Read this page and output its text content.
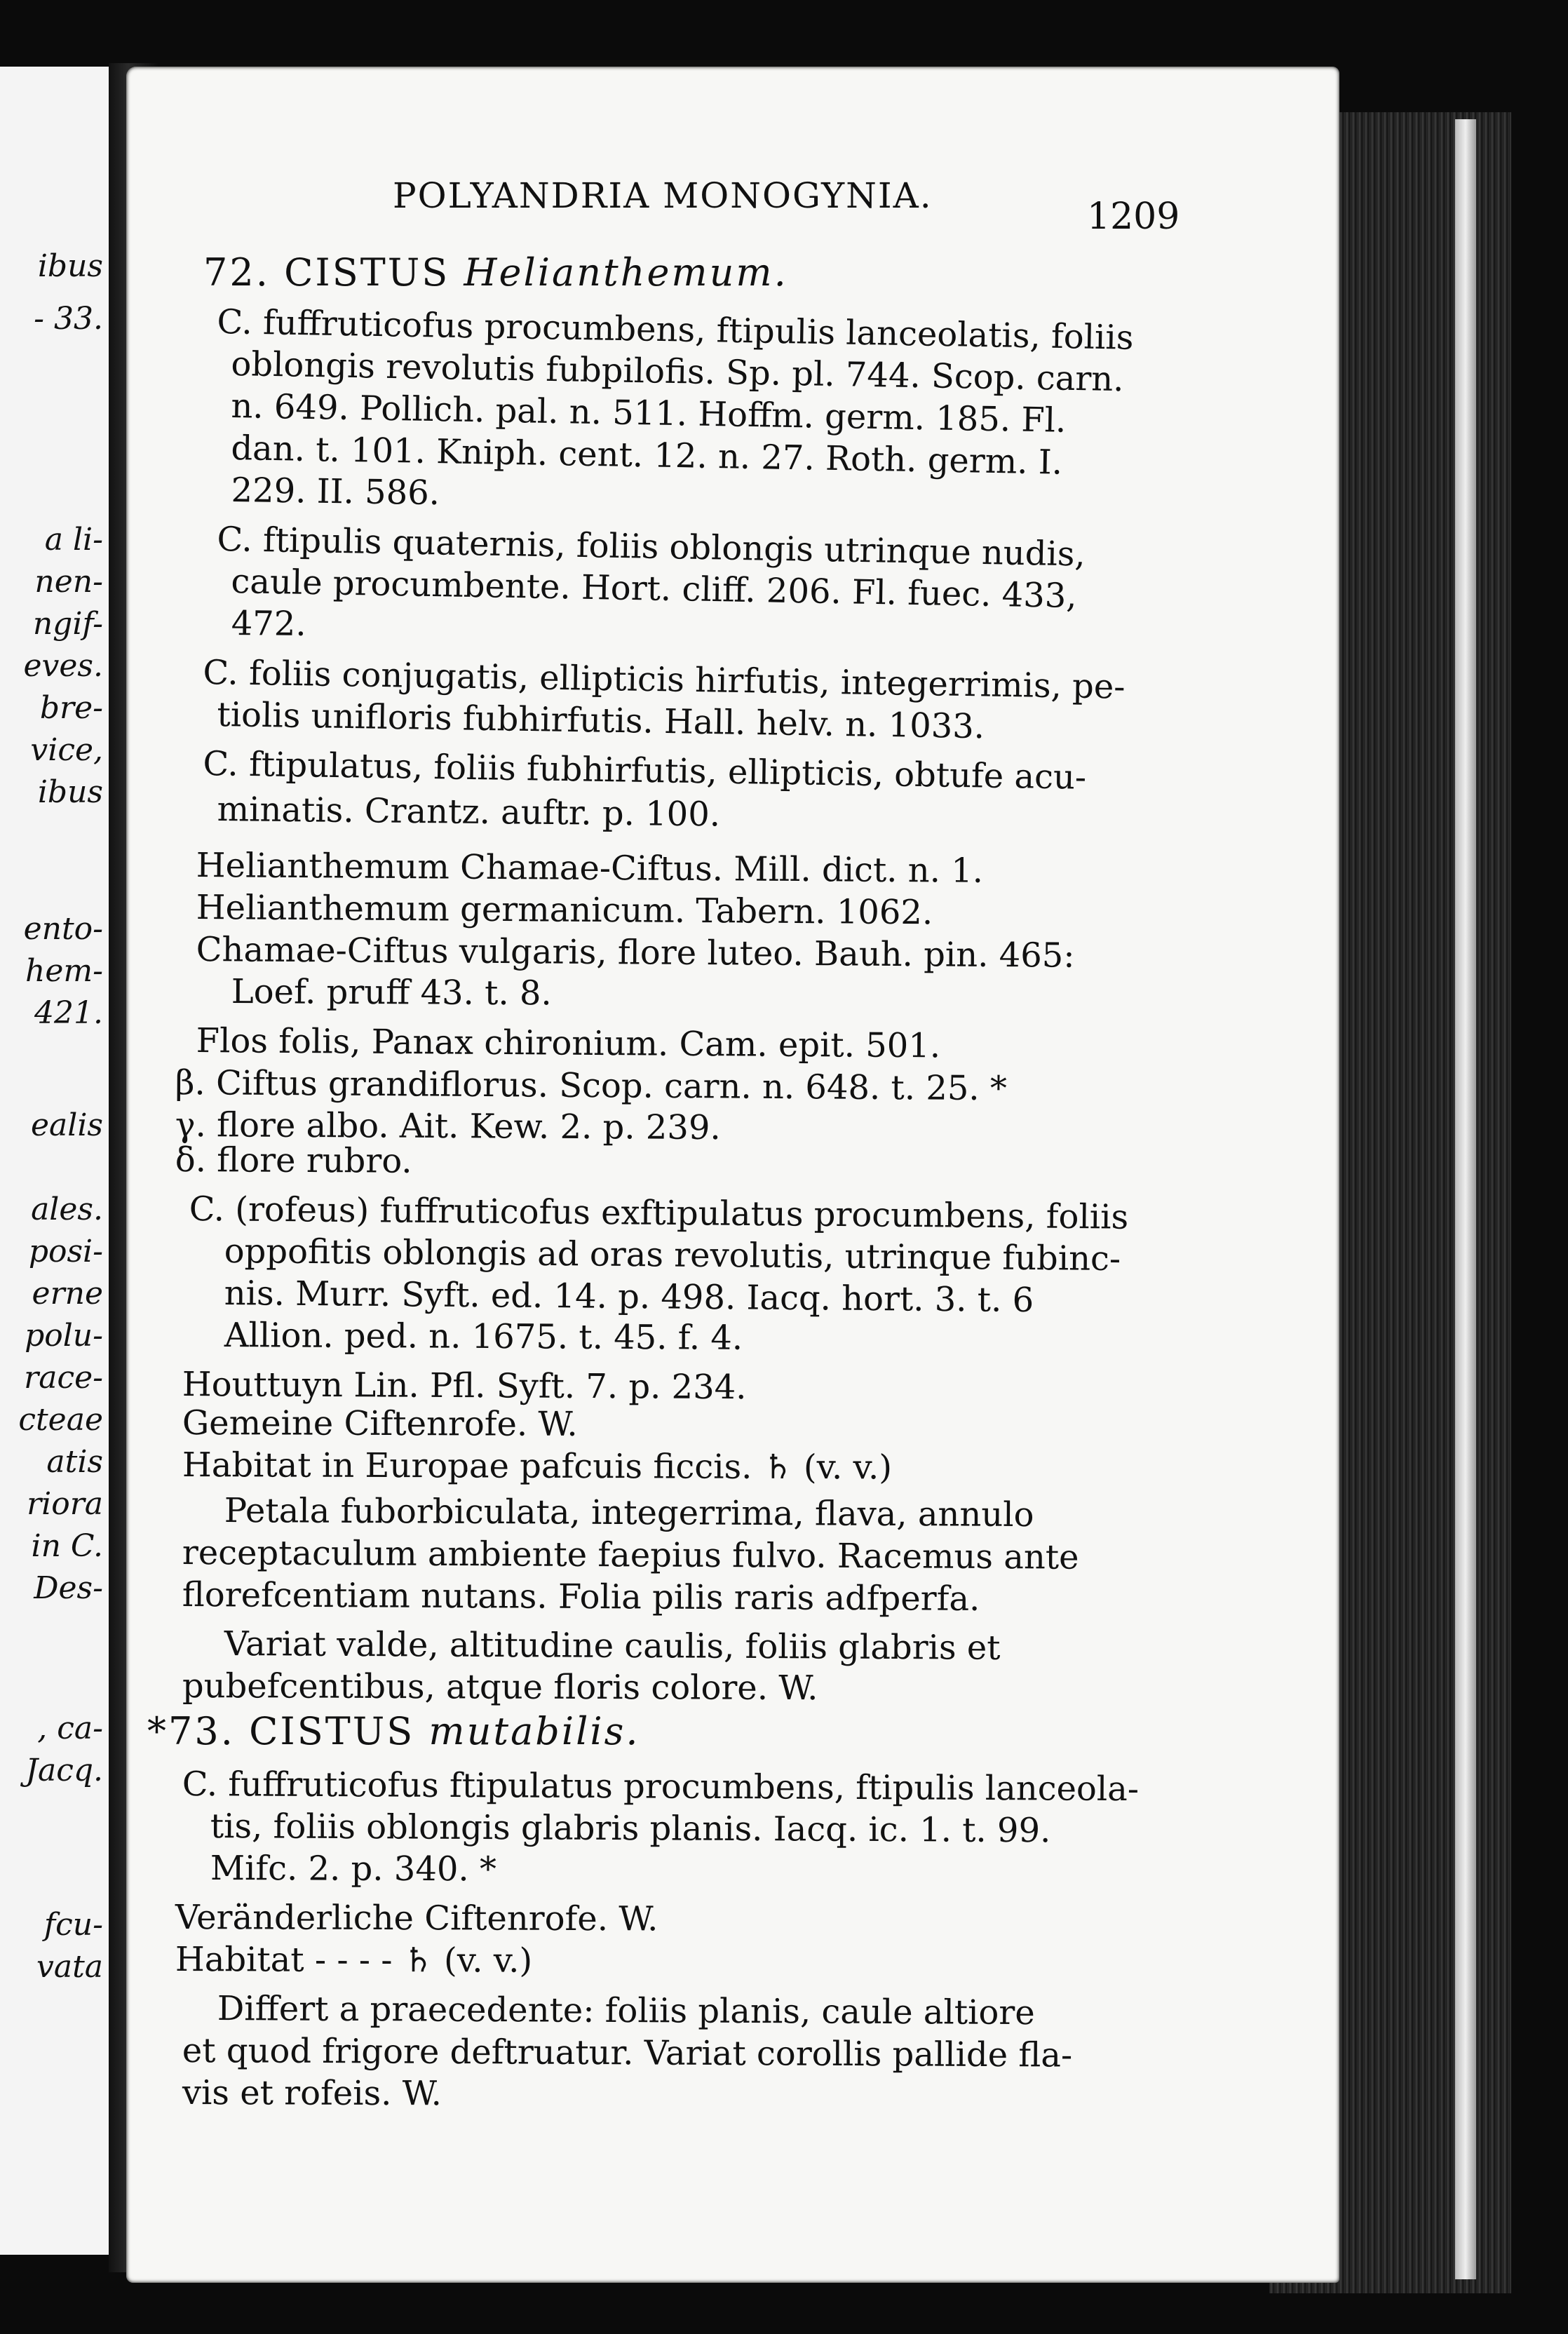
ibus
- 33.
a li-
nen-
ngif-
eves.
bre-
vice,
ibus
ento-
hem-
421.
ealis
ales.
posi-
erne
polu-
race-
cteae
atis
riora
in C.
Des-
, ca-
Jacq.
fcu-
vata
POLYANDRIA MONOGYNIA.	1209
72. CISTUS Helianthemum.
C. fuffruticofus procumbens, ftipulis lanceolatis, foliis
oblongis revolutis fubpilofis. Sp. pl. 744. Scop. carn.
n. 649. Pollich. pal. n. 511. Hoffm. germ. 185. Fl.
dan. t. 101. Kniph. cent. 12. n. 27. Roth. germ. I.
229. II. 586.
C. ftipulis quaternis, foliis oblongis utrinque nudis,
caule procumbente. Hort. cliff. 206. Fl. fuec. 433,
472.
C. foliis conjugatis, ellipticis hirfutis, integerrimis, pe-
tiolis unifloris fubhirfutis. Hall. helv. n. 1033.
C. ftipulatus, foliis fubhirfutis, ellipticis, obtufe acu-
minatis. Crantz. auftr. p. 100.
Helianthemum Chamae-Ciftus. Mill. dict. n. 1.
Helianthemum germanicum. Tabern. 1062.
Chamae-Ciftus vulgaris, flore luteo. Bauh. pin. 465:
Loef. pruff 43. t. 8.
Flos folis, Panax chironium. Cam. epit. 501.
β. Ciftus grandiflorus. Scop. carn. n. 648. t. 25. *
γ. flore albo. Ait. Kew. 2. p. 239.
δ. flore rubro.
C. (rofeus) fuffruticofus exftipulatus procumbens, foliis
oppofitis oblongis ad oras revolutis, utrinque fubinc-
nis. Murr. Syft. ed. 14. p. 498. Iacq. hort. 3. t. 6
Allion. ped. n. 1675. t. 45. f. 4.
Houttuyn Lin. Pfl. Syft. 7. p. 234.
Gemeine Ciftenrofe. W.
Habitat in Europae pafcuis ficcis. ♄ (v. v.)
Petala fuborbiculata, integerrima, flava, annulo
receptaculum ambiente faepius fulvo. Racemus ante
florefcentiam nutans. Folia pilis raris adfperfa.
Variat valde, altitudine caulis, foliis glabris et
pubefcentibus, atque floris colore. W.
*73. CISTUS mutabilis.
C. fuffruticofus ftipulatus procumbens, ftipulis lanceola-
tis, foliis oblongis glabris planis. Iacq. ic. 1. t. 99.
Mifc. 2. p. 340. *
Veränderliche Ciftenrofe. W.
Habitat - - - - ♄ (v. v.)
Differt a praecedente: foliis planis, caule altiore
et quod frigore deftruatur. Variat corollis pallide fla-
vis et rofeis. W.
